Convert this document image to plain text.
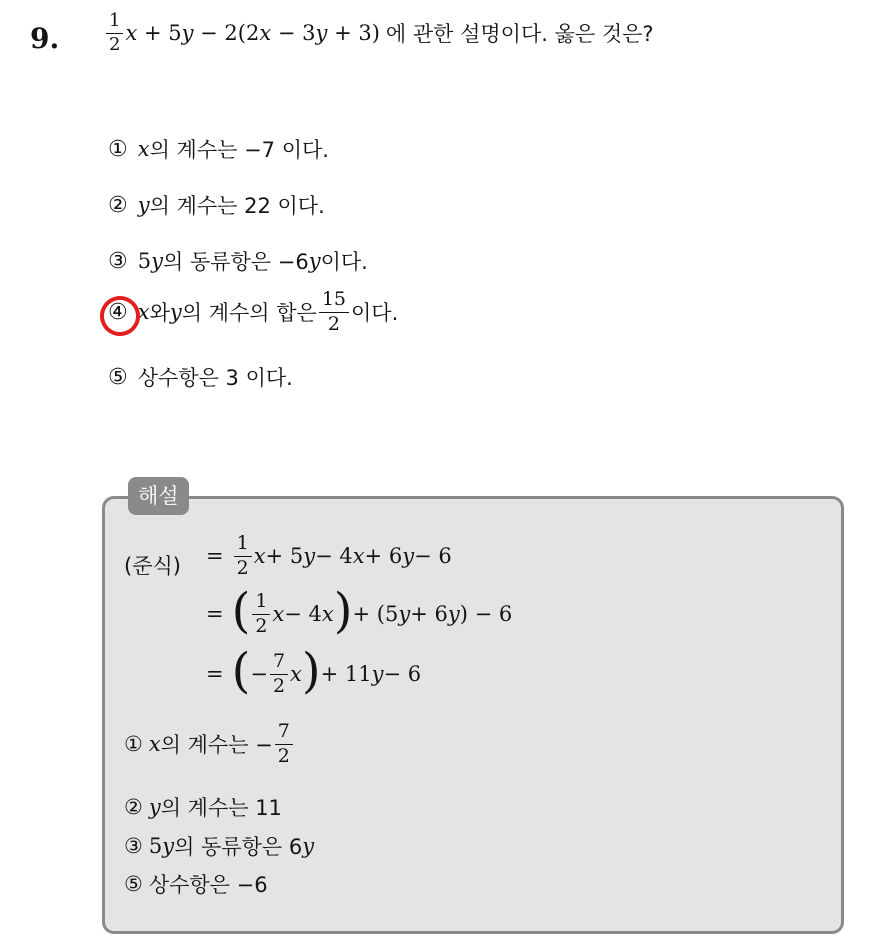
9.	$\frac{1}{2}$ x + 5y − 2(2x − 3y + 3) 에 관한 설명이다. 옳은 것은?
① x 의 계수는 −7 이다.
② y 의 계수는 22 이다.
③ 5 y 의 동류항은 −6 y 이다.
④ x 와 y 의 계수의 합은 $\frac{15}{2}$ 이다.
⑤ 상수항은 3 이다.
해설
(준식) = $\frac{1}{2}$ x + 5 y − 4 x + 6 y − 6
= ( $\frac{1}{2}$ x − 4 x ) + (5 y + 6 y ) − 6
= ( − $\frac{7}{2}$ x ) + 11 y − 6
① x 의 계수는 − $\frac{7}{2}$
② y 의 계수는 11
③ 5 y 의 동류항은 6 y
⑤ 상수항은 −6
